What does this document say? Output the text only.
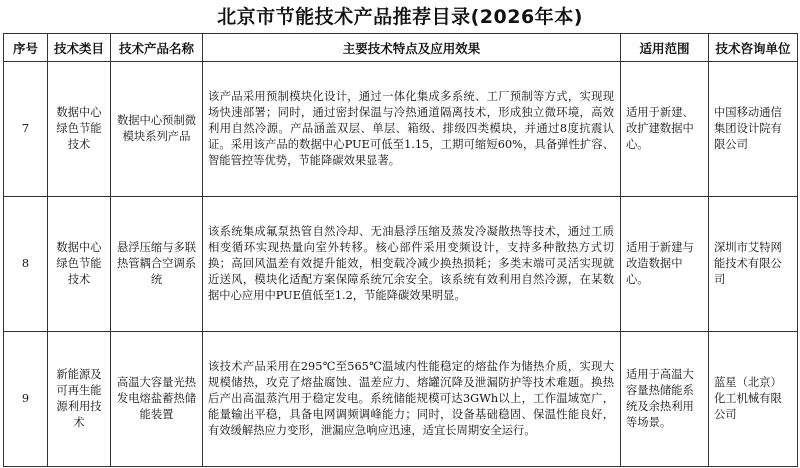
北京市节能技术产品推荐目录(2026年本)
序号	技术类目	技术产品名称	主要技术特点及应用效果	适用范围	技术咨询单位
7	数据中心绿色节能技术	数据中心预制微模块系列产品	该产品采用预制模块化设计，通过一体化集成多系统、工厂预制等方式，实现现场快速部署；同时，通过密封保温与冷热通道隔离技术，形成独立微环境，高效利用自然冷源。产品涵盖双层、单层、箱级、排级四类模块，并通过8度抗震认证。采用该产品的数据中心PUE可低至1.15，工期可缩短60%，具备弹性扩容、智能管控等优势，节能降碳效果显著。	适用于新建、改扩建数据中心。	中国移动通信集团设计院有限公司
8	数据中心绿色节能技术	悬浮压缩与多联热管耦合空调系统	该系统集成氟泵热管自然冷却、无油悬浮压缩及蒸发冷凝散热等技术，通过工质相变循环实现热量向室外转移。核心部件采用变频设计，支持多种散热方式切换；高回风温差有效提升能效，相变载冷减少换热损耗；多类末端可灵活实现就近送风，模块化适配方案保障系统冗余安全。该系统有效利用自然冷源，在某数据中心应用中PUE值低至1.2，节能降碳效果明显。	适用于新建与改造数据中心。	深圳市艾特网能技术有限公司
9	新能源及可再生能源利用技术	高温大容量光热发电熔盐蓄热储能装置	该技术产品采用在295℃至565℃温域内性能稳定的熔盐作为储热介质，实现大规模储热，攻克了熔盐腐蚀、温差应力、熔罐沉降及泄漏防护等技术难题。换热后产出高温蒸汽用于稳定发电。系统储能规模可达3GWh以上，工作温域宽广，能量输出平稳，具备电网调频调峰能力；同时，设备基础稳固、保温性能良好，有效缓解热应力变形，泄漏应急响应迅速，适宜长周期安全运行。	适用于高温大容量热储能系统及余热利用等场景。	蓝星（北京）化工机械有限公司
